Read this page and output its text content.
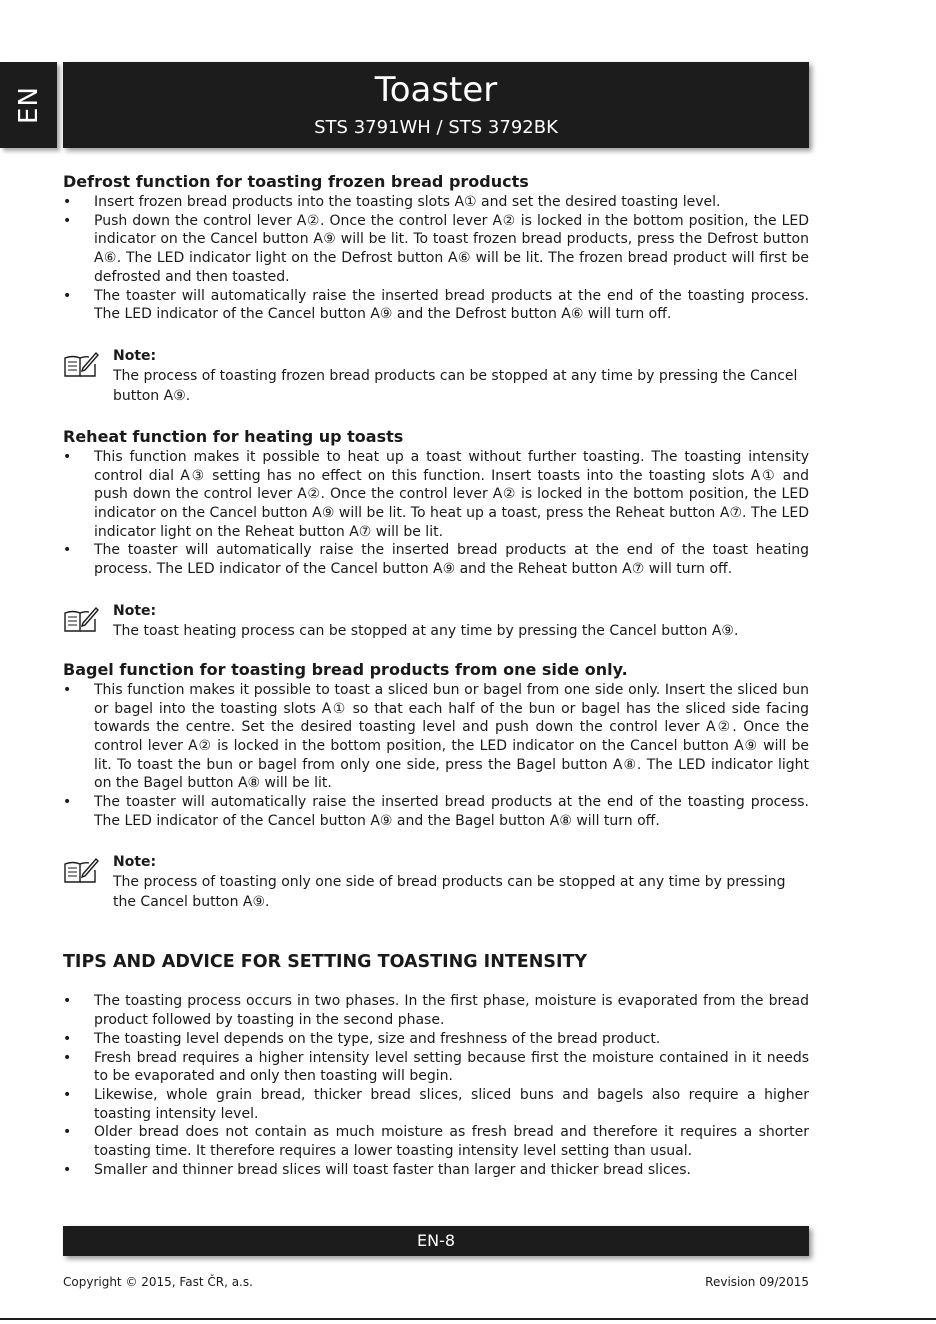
EN	Toaster
STS 3791WH / STS 3792BK
Defrost function for toasting frozen bread products
• Insert frozen bread products into the toasting slots A① and set the desired toasting level.
• Push down the control lever A②. Once the control lever A② is locked in the bottom position, the LED indicator on the Cancel button A⑨ will be lit. To toast frozen bread products, press the Defrost button A⑥. The LED indicator light on the Defrost button A⑥ will be lit. The frozen bread product will first be defrosted and then toasted.
• The toaster will automatically raise the inserted bread products at the end of the toasting process. The LED indicator of the Cancel button A⑨ and the Defrost button A⑥ will turn off.

Note:

The process of toasting frozen bread products can be stopped at any time by pressing the Cancel button A⑨.

Reheat function for heating up toasts
• This function makes it possible to heat up a toast without further toasting. The toasting intensity control dial A③ setting has no effect on this function. Insert toasts into the toasting slots A① and push down the control lever A②. Once the control lever A② is locked in the bottom position, the LED indicator on the Cancel button A⑨ will be lit. To heat up a toast, press the Reheat button A⑦. The LED indicator light on the Reheat button A⑦ will be lit.
• The toaster will automatically raise the inserted bread products at the end of the toast heating process. The LED indicator of the Cancel button A⑨ and the Reheat button A⑦ will turn off.

Note:

The toast heating process can be stopped at any time by pressing the Cancel button A⑨.

Bagel function for toasting bread products from one side only.
• This function makes it possible to toast a sliced bun or bagel from one side only. Insert the sliced bun or bagel into the toasting slots A① so that each half of the bun or bagel has the sliced side facing towards the centre. Set the desired toasting level and push down the control lever A②. Once the control lever A② is locked in the bottom position, the LED indicator on the Cancel button A⑨ will be lit. To toast the bun or bagel from only one side, press the Bagel button A⑧. The LED indicator light on the Bagel button A⑧ will be lit.
• The toaster will automatically raise the inserted bread products at the end of the toasting process. The LED indicator of the Cancel button A⑨ and the Bagel button A⑧ will turn off.

Note:

The process of toasting only one side of bread products can be stopped at any time by pressing the Cancel button A⑨.

TIPS AND ADVICE FOR SETTING TOASTING INTENSITY
• The toasting process occurs in two phases. In the first phase, moisture is evaporated from the bread product followed by toasting in the second phase.
• The toasting level depends on the type, size and freshness of the bread product.
• Fresh bread requires a higher intensity level setting because first the moisture contained in it needs to be evaporated and only then toasting will begin.
• Likewise, whole grain bread, thicker bread slices, sliced buns and bagels also require a higher toasting intensity level.
• Older bread does not contain as much moisture as fresh bread and therefore it requires a shorter toasting time. It therefore requires a lower toasting intensity level setting than usual.
• Smaller and thinner bread slices will toast faster than larger and thicker bread slices.
EN-8
Copyright © 2015, Fast ČR, a.s.	Revision 09/2015
